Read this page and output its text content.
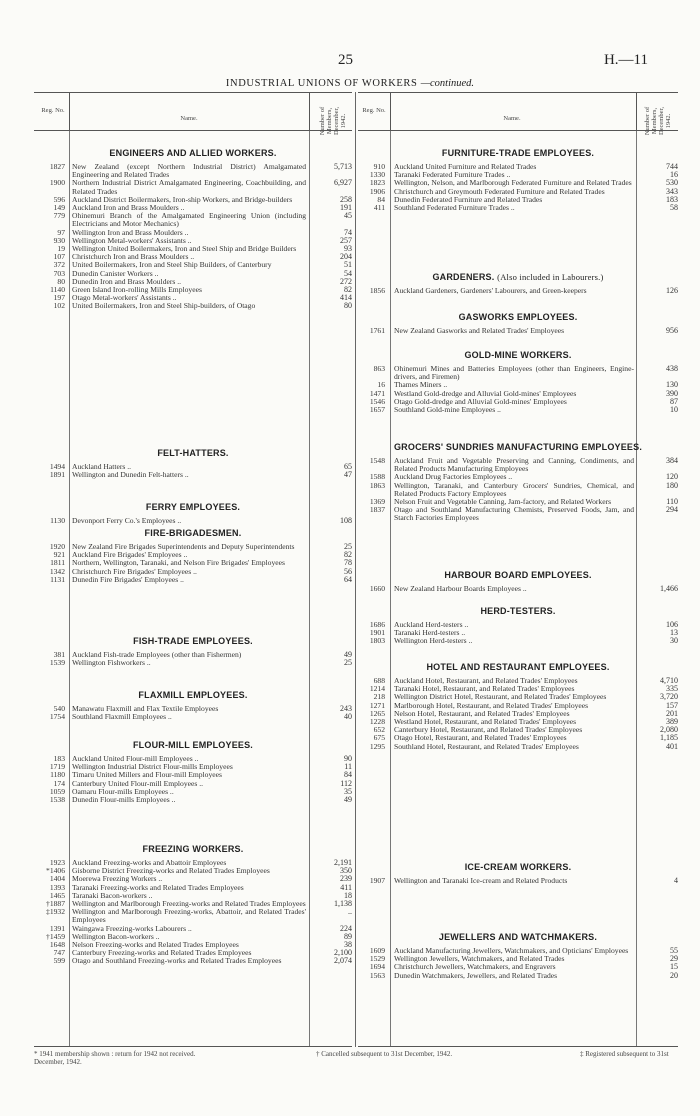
25	H.—11
INDUSTRIAL UNIONS OF WORKERS —continued.
Reg. No.
Name.	Number of Members, December, 1942.
ENGINEERS AND ALLIED WORKERS.
1827 New Zealand (except Northern Industrial District) Amalgamated Engineering and Related Trades
5,713
1900 Northern Industrial District Amalgamated Engineering, Coachbuilding, and Related Trades
6,927
596 Auckland District Boilermakers, Iron-ship Workers, and Bridge-builders	258
149 Auckland Iron and Brass Moulders ..	191
779 Ohinemuri Branch of the Amalgamated Engineering Union (including Electricians and Motor Mechanics)
45
97 Wellington Iron and Brass Moulders ..	74
930 Wellington Metal-workers' Assistants ..	257
19 Wellington United Boilermakers, Iron and Steel Ship and Bridge Builders	93
107 Christchurch Iron and Brass Moulders ..	204
372 United Boilermakers, Iron and Steel Ship Builders, of Canterbury	51
703 Dunedin Canister Workers ..	54
80 Dunedin Iron and Brass Moulders ..	272
1140 Green Island Iron-rolling Mills Employees	82
197 Otago Metal-workers' Assistants ..	414
102 United Boilermakers, Iron and Steel Ship-builders, of Otago	80
FELT-HATTERS.
1494 Auckland Hatters ..	65
1891 Wellington and Dunedin Felt-hatters ..	47
FERRY EMPLOYEES.
1130 Devonport Ferry Co.'s Employees ..	108
FIRE-BRIGADESMEN.
1920 New Zealand Fire Brigades Superintendents and Deputy Superintendents	25
921 Auckland Fire Brigades' Employees ..	82
1811 Northern, Wellington, Taranaki, and Nelson Fire Brigades' Employees	78
1342 Christchurch Fire Brigades' Employees ..	56
1131 Dunedin Fire Brigades' Employees ..	64
FISH-TRADE EMPLOYEES.
381 Auckland Fish-trade Employees (other than Fishermen)	49
1539 Wellington Fishworkers ..	25
FLAXMILL EMPLOYEES.
540 Manawatu Flaxmill and Flax Textile Employees	243
1754 Southland Flaxmill Employees ..	40
FLOUR-MILL EMPLOYEES.
183 Auckland United Flour-mill Employees ..	90
1719 Wellington Industrial District Flour-mills Employees	11
1180 Timaru United Millers and Flour-mill Employees	84
174 Canterbury United Flour-mill Employees ..	112
1059 Oamaru Flour-mills Employees ..	35
1538 Dunedin Flour-mills Employees ..	49
FREEZING WORKERS.
1923 Auckland Freezing-works and Abattoir Employees	2,191
*1406 Gisborne District Freezing-works and Related Trades Employees	350
1404 Moerewa Freezing Workers ..	239
1393 Taranaki Freezing-works and Related Trades Employees	411
1465 Taranaki Bacon-workers ..	18
†1887 Wellington and Marlborough Freezing-works and Related Trades Employees	1,138
‡1932 Wellington and Marlborough Freezing-works, Abattoir, and Related Trades' Employees
..
1391 Waingawa Freezing-works Labourers ..	224
†1459 Wellington Bacon-workers ..	89
1648 Nelson Freezing-works and Related Trades Employees	38
747 Canterbury Freezing-works and Related Trades Employees	2,100
599 Otago and Southland Freezing-works and Related Trades Employees	2,074
Reg. No.
Name.	Number of Members, December, 1942.
FURNITURE-TRADE EMPLOYEES.
910 Auckland United Furniture and Related Trades	744
1330 Taranaki Federated Furniture Trades ..	16
1823 Wellington, Nelson, and Marlborough Federated Furniture and Related Trades	530
1906 Christchurch and Greymouth Federated Furniture and Related Trades	343
84 Dunedin Federated Furniture and Related Trades	183
411 Southland Federated Furniture Trades ..	58
GARDENERS. (Also included in Labourers.)
1856 Auckland Gardeners, Gardeners' Labourers, and Green-keepers	126
GASWORKS EMPLOYEES.
1761 New Zealand Gasworks and Related Trades' Employees	956
GOLD-MINE WORKERS.
863 Ohinemuri Mines and Batteries Employees (other than Engineers, Engine-drivers, and Firemen)
438
16 Thames Miners ..	130
1471 Westland Gold-dredge and Alluvial Gold-mines' Employees	390
1546 Otago Gold-dredge and Alluvial Gold-mines' Employees	87
1657 Southland Gold-mine Employees ..	10
GROCERS' SUNDRIES MANUFACTURING EMPLOYEES.
1548 Auckland Fruit and Vegetable Preserving and Canning, Condiments, and Related Products Manufacturing Employees
384
1588 Auckland Drug Factories Employees ..	120
1863 Wellington, Taranaki, and Canterbury Grocers' Sundries, Chemical, and Related Products Factory Employees
180
1369 Nelson Fruit and Vegetable Canning, Jam-factory, and Related Workers	110
1837 Otago and Southland Manufacturing Chemists, Preserved Foods, Jam, and Starch Factories Employees
294
HARBOUR BOARD EMPLOYEES.
1660 New Zealand Harbour Boards Employees ..	1,466
HERD-TESTERS.
1686 Auckland Herd-testers ..	106
1901 Taranaki Herd-testers ..	13
1803 Wellington Herd-testers ..	30
HOTEL AND RESTAURANT EMPLOYEES.
688 Auckland Hotel, Restaurant, and Related Trades' Employees	4,710
1214 Taranaki Hotel, Restaurant, and Related Trades' Employees	335
218 Wellington District Hotel, Restaurant, and Related Trades' Employees	3,720
1271 Marlborough Hotel, Restaurant, and Related Trades' Employees	157
1265 Nelson Hotel, Restaurant, and Related Trades' Employees	201
1228 Westland Hotel, Restaurant, and Related Trades' Employees	389
652 Canterbury Hotel, Restaurant, and Related Trades' Employees	2,080
675 Otago Hotel, Restaurant, and Related Trades' Employees	1,185
1295 Southland Hotel, Restaurant, and Related Trades' Employees	401
ICE-CREAM WORKERS.
1907 Wellington and Taranaki Ice-cream and Related Products	4
JEWELLERS AND WATCHMAKERS.
1609 Auckland Manufacturing Jewellers, Watchmakers, and Opticians' Employees	55
1529 Wellington Jewellers, Watchmakers, and Related Trades	29
1694 Christchurch Jewellers, Watchmakers, and Engravers	15
1563 Dunedin Watchmakers, Jewellers, and Related Trades	20
* 1941 membership shown : return for 1942 not received.	† Cancelled subsequent to 31st December, 1942.	‡ Registered subsequent to 31st
December, 1942.
